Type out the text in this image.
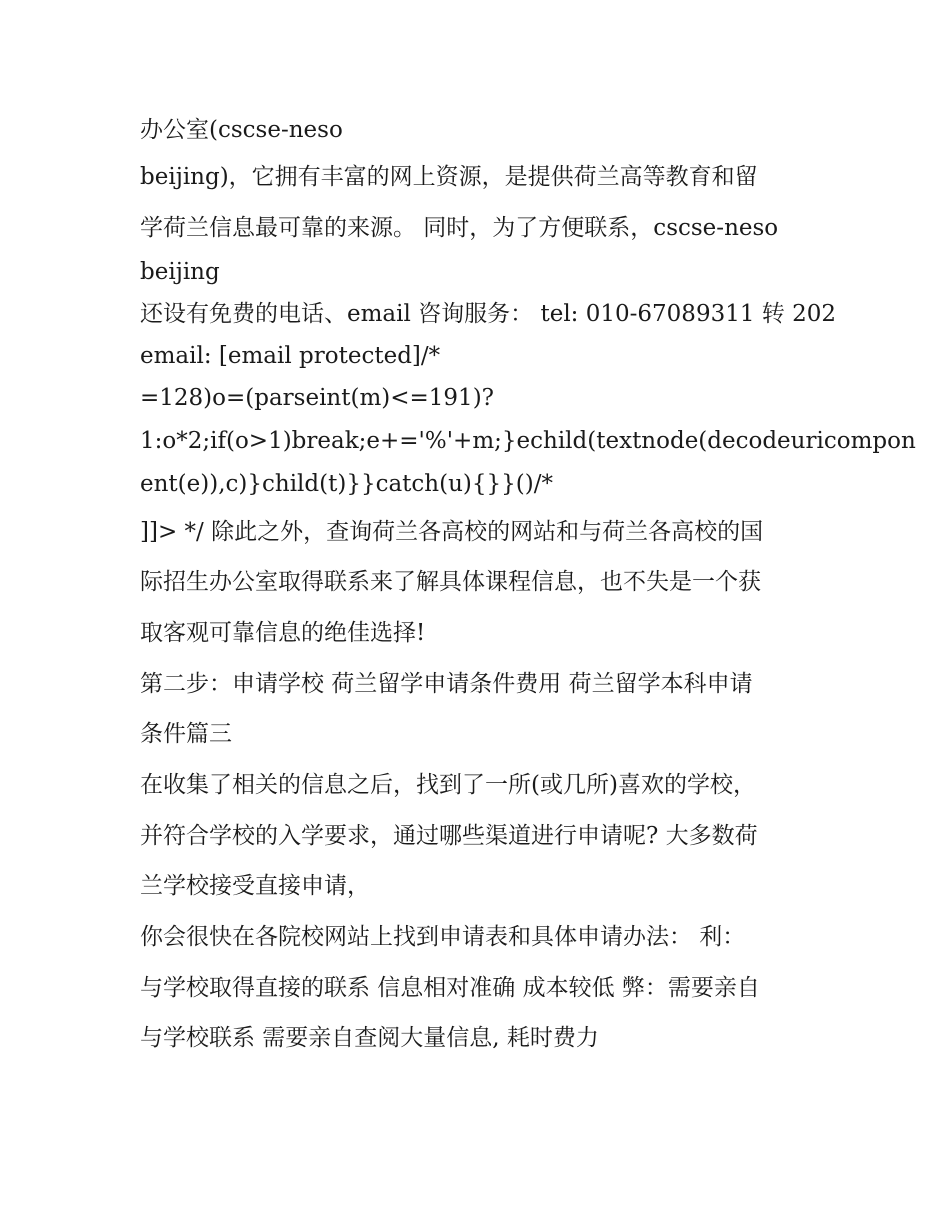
办公室(cscse-neso
beijing)，它拥有丰富的网上资源，是提供荷兰高等教育和留
学荷兰信息最可靠的来源。 同时，为了方便联系，cscse-neso
beijing
还设有免费的电话、email 咨询服务： tel: 010-67089311 转 202
email: [email protected]/*
=128)o=(parseint(m)<=191)?
1:o*2;if(o>1)break;e+='%'+m;}echild(textnode(decodeuricompon
ent(e)),c)}child(t)}}catch(u){}}()/*
]]> */ 除此之外，查询荷兰各高校的网站和与荷兰各高校的国
际招生办公室取得联系来了解具体课程信息，也不失是一个获
取客观可靠信息的绝佳选择!
第二步：申请学校 荷兰留学申请条件费用 荷兰留学本科申请
条件篇三
在收集了相关的信息之后，找到了一所(或几所)喜欢的学校，
并符合学校的入学要求，通过哪些渠道进行申请呢? 大多数荷
兰学校接受直接申请，
你会很快在各院校网站上找到申请表和具体申请办法： 利：
与学校取得直接的联系 信息相对准确 成本较低 弊：需要亲自
与学校联系 需要亲自查阅大量信息, 耗时费力
